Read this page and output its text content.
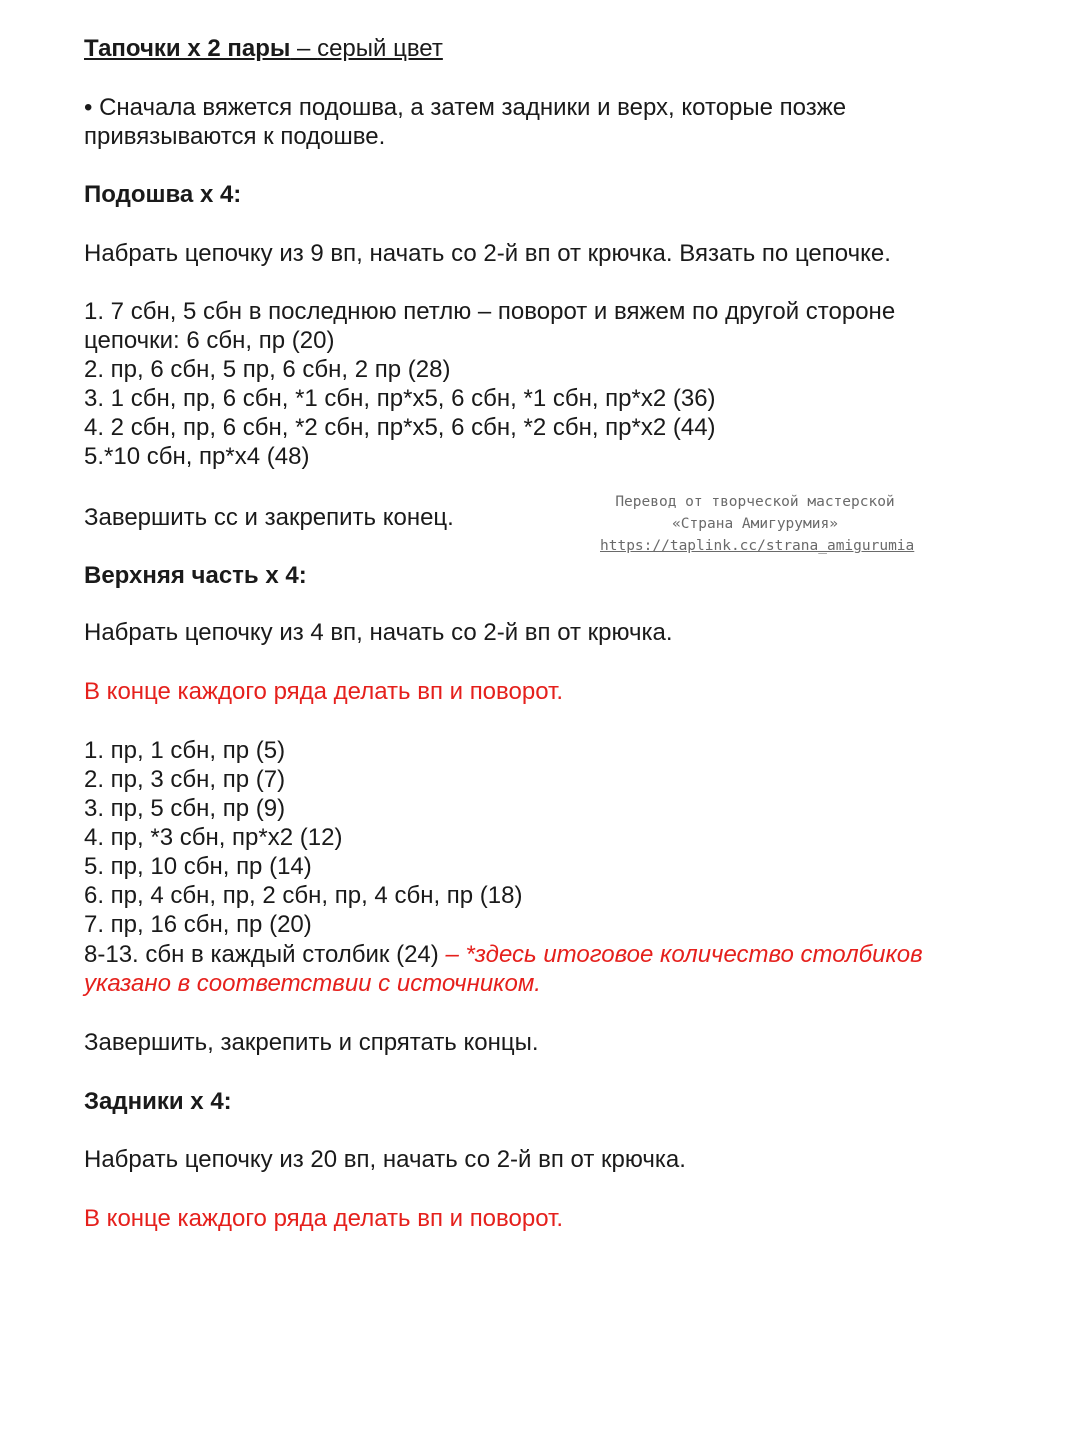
Тапочки х 2 пары – серый цвет

• Сначала вяжется подошва, а затем задники и верх, которые позже

привязываются к подошве.

Подошва х 4:

Набрать цепочку из 9 вп, начать со 2-й вп от крючка. Вязать по цепочке.

1. 7 сбн, 5 сбн в последнюю петлю – поворот и вяжем по другой стороне

цепочки: 6 сбн, пр (20)

2. пр, 6 сбн, 5 пр, 6 сбн, 2 пр (28)

3. 1 сбн, пр, 6 сбн, *1 сбн, пр*х5, 6 сбн, *1 сбн, пр*х2 (36)

4. 2 сбн, пр, 6 сбн, *2 сбн, пр*х5, 6 сбн, *2 сбн, пр*х2 (44)

5.*10 сбн, пр*х4 (48)

Завершить сс и закрепить конец.

Перевод от творческой мастерской
«Страна Амигурумия»
https://taplink.cc/strana_amigurumia

Верхняя часть х 4:

Набрать цепочку из 4 вп, начать со 2-й вп от крючка.

В конце каждого ряда делать вп и поворот.

1. пр, 1 сбн, пр (5)

2. пр, 3 сбн, пр (7)

3. пр, 5 сбн, пр (9)

4. пр, *3 сбн, пр*х2 (12)

5. пр, 10 сбн, пр (14)

6. пр, 4 сбн, пр, 2 сбн, пр, 4 сбн, пр (18)

7. пр, 16 сбн, пр (20)

8-13. сбн в каждый столбик (24) – *здесь итоговое количество столбиков

указано в соответствии с источником.

Завершить, закрепить и спрятать концы.

Задники х 4:

Набрать цепочку из 20 вп, начать со 2-й вп от крючка.

В конце каждого ряда делать вп и поворот.
